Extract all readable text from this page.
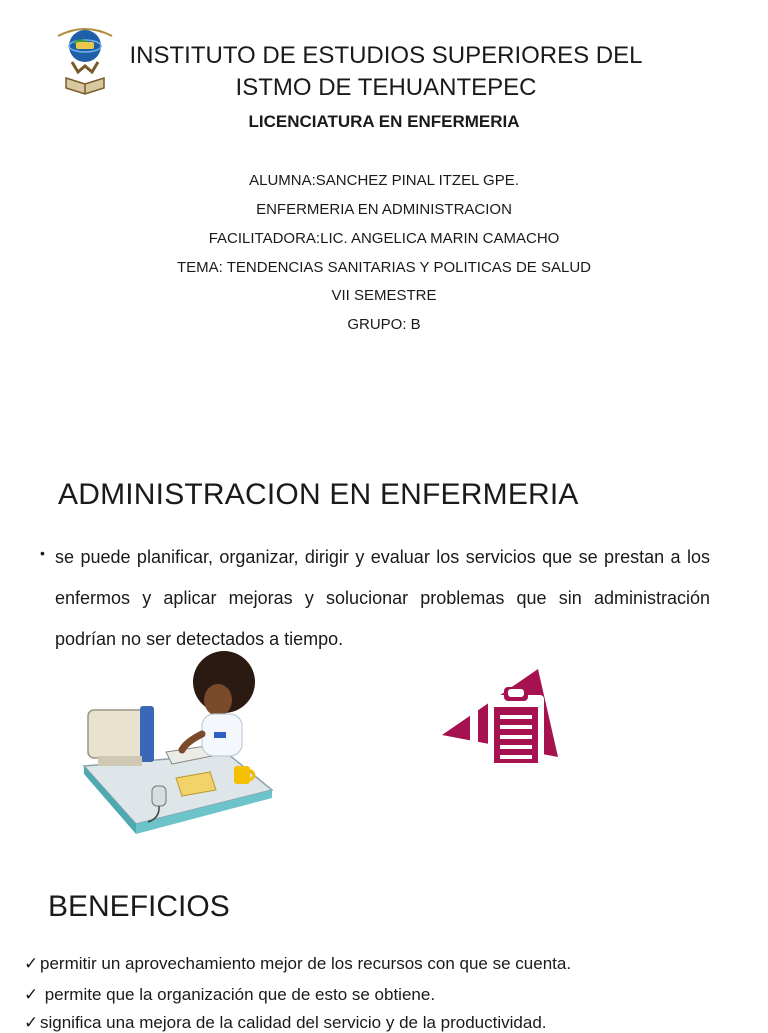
INSTITUTO DE ESTUDIOS SUPERIORES DEL
ISTMO DE TEHUANTEPEC
LICENCIATURA EN ENFERMERIA
ALUMNA:SANCHEZ PINAL ITZEL GPE.
ENFERMERIA EN ADMINISTRACION
FACILITADORA:LIC. ANGELICA MARIN CAMACHO
TEMA: TENDENCIAS SANITARIAS Y POLITICAS DE SALUD
VII SEMESTRE
GRUPO: B
ADMINISTRACION EN ENFERMERIA
• se puede planificar, organizar, dirigir y evaluar los servicios que se prestan a los enfermos y aplicar mejoras y solucionar problemas que sin administración podrían no ser detectados a tiempo.
BENEFICIOS
✓ permitir un aprovechamiento mejor de los recursos con que se cuenta.
✓ permite que la organización que de esto se obtiene.
✓ significa una mejora de la calidad del servicio y de la productividad.
